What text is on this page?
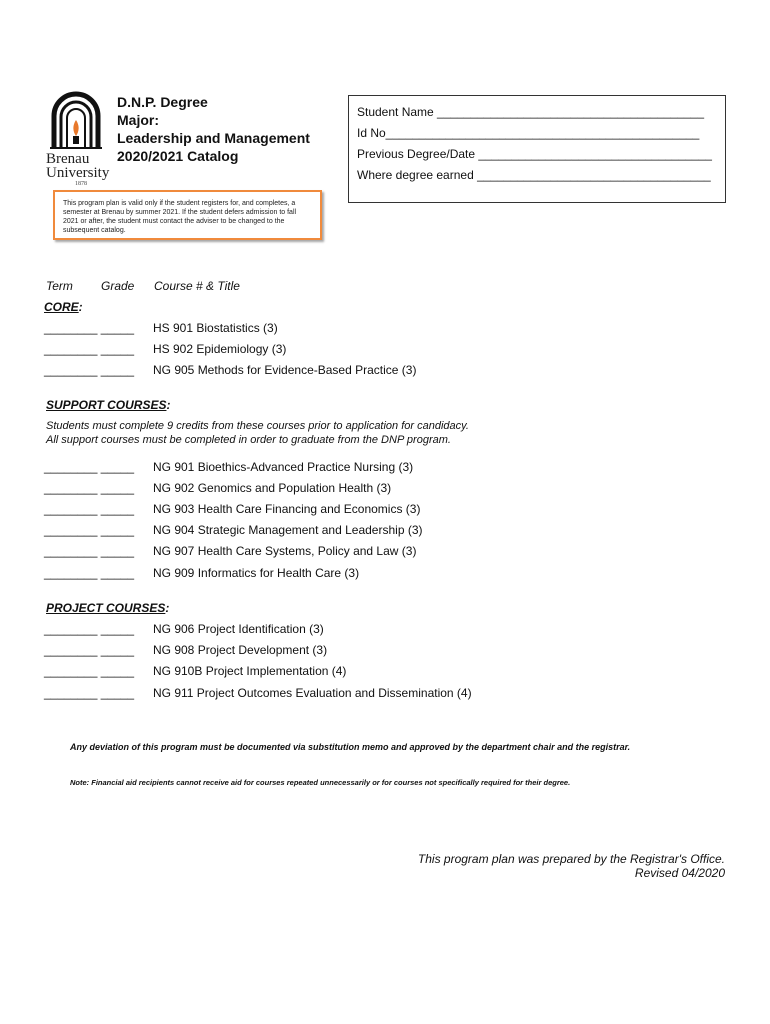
Brenau
University
1878
D.N.P. Degree
Major:
Leadership and Management
2020/2021 Catalog
Student Name ________________________________________
Id No_______________________________________________
Previous Degree/Date ___________________________________
Where degree earned ___________________________________
This program plan is valid only if the student registers for, and completes, a semester at Brenau by summer 2021. If the student defers admission to fall 2021 or after, the student must contact the adviser to be changed to the subsequent catalog.
Term Grade Course # & Title
CORE:
________ _____ HS 901 Biostatistics (3)
________ _____ HS 902 Epidemiology (3)
________ _____ NG 905 Methods for Evidence-Based Practice (3)
SUPPORT COURSES:
Students must complete 9 credits from these courses prior to application for candidacy.
All support courses must be completed in order to graduate from the DNP program.
________ _____ NG 901 Bioethics-Advanced Practice Nursing (3)
________ _____ NG 902 Genomics and Population Health (3)
________ _____ NG 903 Health Care Financing and Economics (3)
________ _____ NG 904 Strategic Management and Leadership (3)
________ _____ NG 907 Health Care Systems, Policy and Law (3)
________ _____ NG 909 Informatics for Health Care (3)
PROJECT COURSES:
________ _____ NG 906 Project Identification (3)
________ _____ NG 908 Project Development (3)
________ _____ NG 910B Project Implementation (4)
________ _____ NG 911 Project Outcomes Evaluation and Dissemination (4)
Any deviation of this program must be documented via substitution memo and approved by the department chair and the registrar.
Note: Financial aid recipients cannot receive aid for courses repeated unnecessarily or for courses not specifically required for their degree.
This program plan was prepared by the Registrar's Office.
Revised 04/2020
